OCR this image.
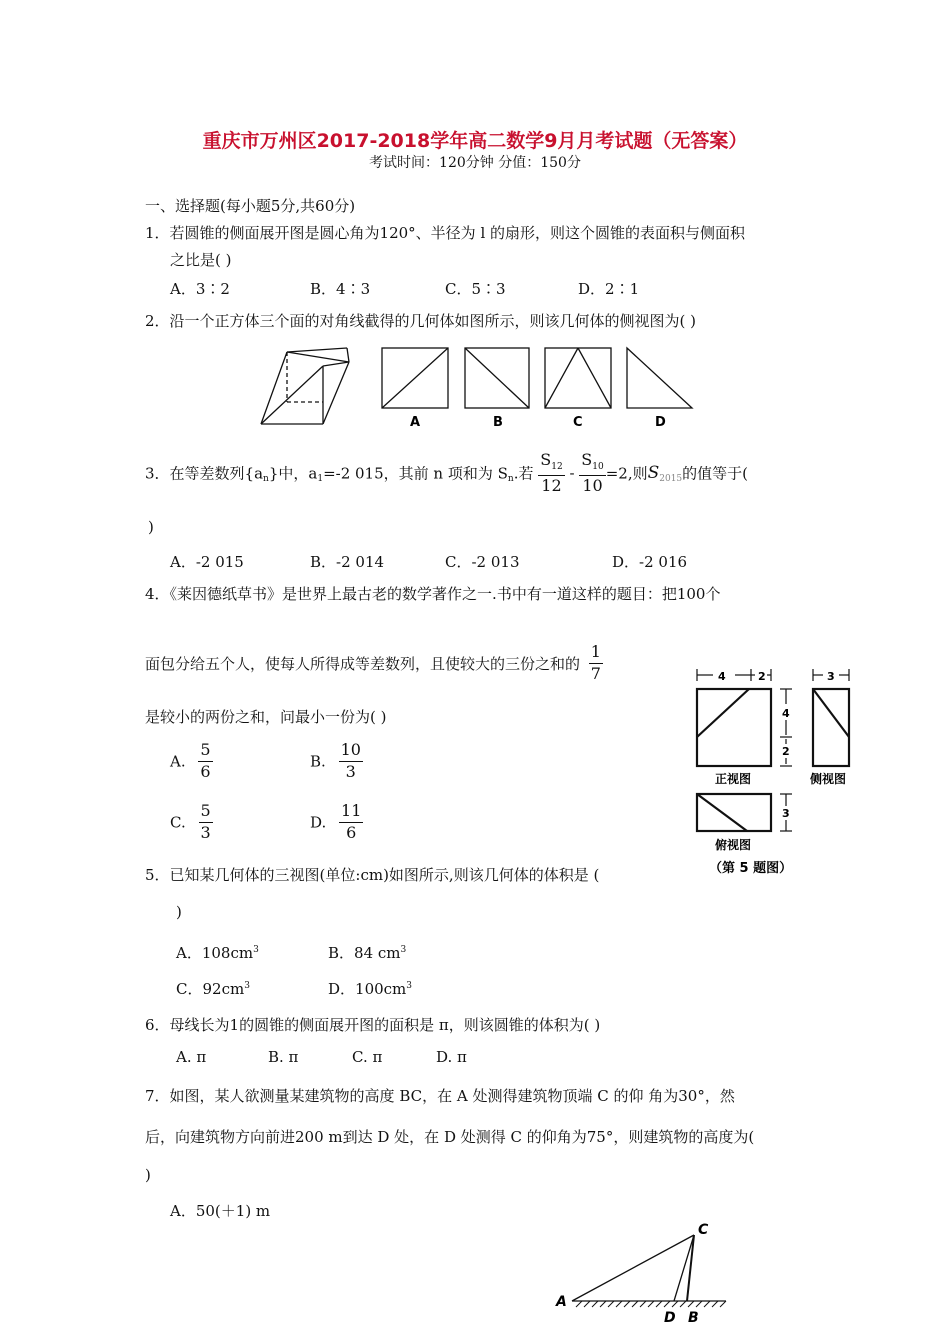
重庆市万州区2017-2018学年高二数学9月月考试题（无答案）
考试时间：120分钟 分值：150分
一、选择题(每小题5分,共60分)
1．若圆锥的侧面展开图是圆心角为120°、半径为 l 的扇形，则这个圆锥的表面积与侧面积
之比是( )
A．3∶2	B．4∶3	C．5∶3	D．2∶1
2．沿一个正方体三个面的对角线截得的几何体如图所示，则该几何体的侧视图为( )
A	B	C	D
3．在等差数列$\{a_n\}$中，$a_1=-2$ 015，其前 n 项和为 $S_n$.若 $\frac{S_{12}}{12} - \frac{S_{10}}{10} =2$,则$S_{2015}$的值等于(
)
A．-2 015	B．-2 014	C．-2 013	D．-2 016
4．《莱因德纸草书》是世界上最古老的数学著作之一.书中有一道这样的题目：把100个
面包分给五个人，使每人所得成等差数列，且使较大的三份之和的 $\frac{1}{7}$
是较小的两份之和，问最小一份为( )
A. $\frac{5}{6}$	B. $\frac{10}{3}$
C. $\frac{5}{3}$	D. $\frac{11}{6}$
4	2	3
4
2
3
正视图	侧视图
俯视图
（第 5 题图）
5．已知某几何体的三视图(单位:cm)如图所示,则该几何体的体积是 (
)
A．$108cm^3$	B．84 $cm^3$
C．$92cm^3$	D．$100cm^3$
6．母线长为1的圆锥的侧面展开图的面积是 π，则该圆锥的体积为( )
A. π	B. π	C. π	D. π
7．如图，某人欲测量某建筑物的高度 BC，在 A 处测得建筑物顶端 C 的仰 角为30°，然
后，向建筑物方向前进200 m到达 D 处，在 D 处测得 C 的仰角为75°，则建筑物的高度为(
)
A．50(＋1) m
A
C
D B
